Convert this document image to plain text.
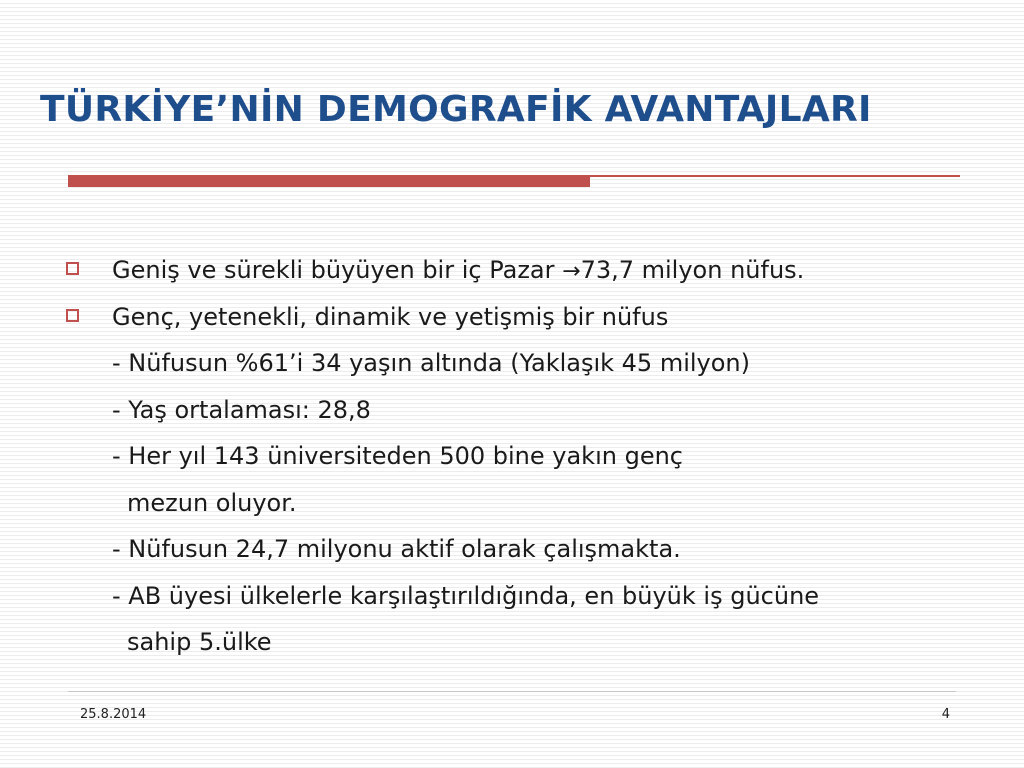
TÜRKİYE’NİN DEMOGRAFİK AVANTAJLARI
Geniş ve sürekli büyüyen bir iç Pazar →73,7 milyon nüfus.
Genç, yetenekli, dinamik ve yetişmiş bir nüfus
- Nüfusun %61’i 34 yaşın altında (Yaklaşık 45 milyon)
- Yaş ortalaması: 28,8
- Her yıl 143 üniversiteden 500 bine yakın genç
mezun oluyor.
- Nüfusun 24,7 milyonu aktif olarak çalışmakta.
- AB üyesi ülkelerle karşılaştırıldığında, en büyük iş gücüne
sahip 5.ülke
25.8.2014	4
